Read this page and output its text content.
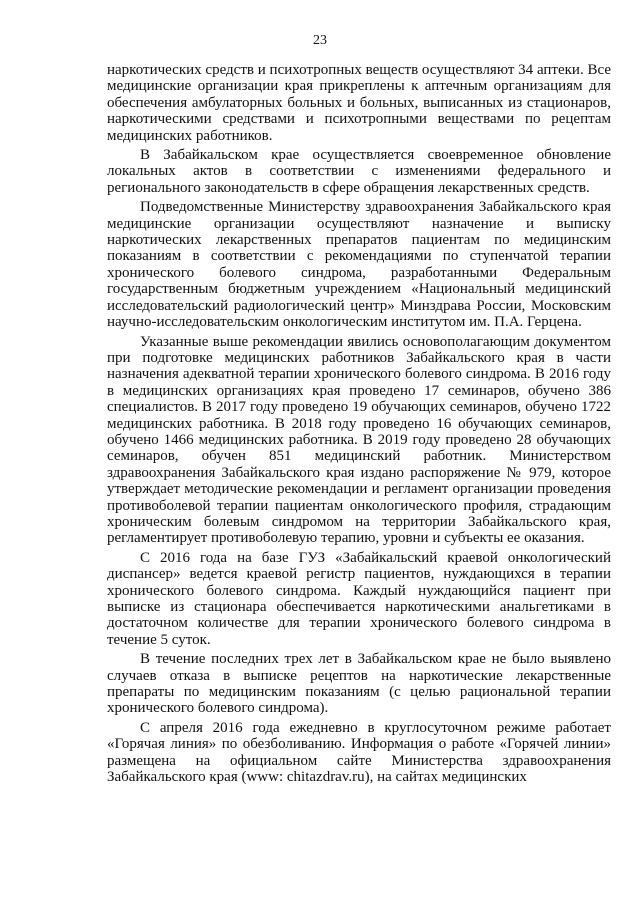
23

наркотических средств и психотропных веществ осуществляют 34 аптеки. Все медицинские организации края прикреплены к аптечным организациям для обеспечения амбулаторных больных и больных, выписанных из стационаров, наркотическими средствами и психотропными веществами по рецептам медицинских работников.

В Забайкальском крае осуществляется своевременное обновление локальных актов в соответствии с изменениями федерального и регионального законодательств в сфере обращения лекарственных средств.

Подведомственные Министерству здравоохранения Забайкальского края медицинские организации осуществляют назначение и выписку наркотических лекарственных препаратов пациентам по медицинским показаниям в соответствии с рекомендациями по ступенчатой терапии хронического болевого синдрома, разработанными Федеральным государственным бюджетным учреждением «Национальный медицинский исследовательский радиологический центр» Минздрава России, Московским научно-исследовательским онкологическим институтом им. П.А. Герцена.

Указанные выше рекомендации явились основополагающим документом при подготовке медицинских работников Забайкальского края в части назначения адекватной терапии хронического болевого синдрома. В 2016 году в медицинских организациях края проведено 17 семинаров, обучено 386 специалистов. В 2017 году проведено 19 обучающих семинаров, обучено 1722 медицинских работника. В 2018 году проведено 16 обучающих семинаров, обучено 1466 медицинских работника. В 2019 году проведено 28 обучающих семинаров, обучен 851 медицинский работник. Министерством здравоохранения Забайкальского края издано распоряжение № 979, которое утверждает методические рекомендации и регламент организации проведения противоболевой терапии пациентам онкологического профиля, страдающим хроническим болевым синдромом на территории Забайкальского края, регламентирует противоболевую терапию, уровни и субъекты ее оказания.

С 2016 года на базе ГУЗ «Забайкальский краевой онкологический диспансер» ведется краевой регистр пациентов, нуждающихся в терапии хронического болевого синдрома. Каждый нуждающийся пациент при выписке из стационара обеспечивается наркотическими анальгетиками в достаточном количестве для терапии хронического болевого синдрома в течение 5 суток.

В течение последних трех лет в Забайкальском крае не было выявлено случаев отказа в выписке рецептов на наркотические лекарственные препараты по медицинским показаниям (с целью рациональной терапии хронического болевого синдрома).

С апреля 2016 года ежедневно в круглосуточном режиме работает «Горячая линия» по обезболиванию. Информация о работе «Горячей линии» размещена на официальном сайте Министерства здравоохранения Забайкальского края (www: chitazdrav.ru), на сайтах медицинских
